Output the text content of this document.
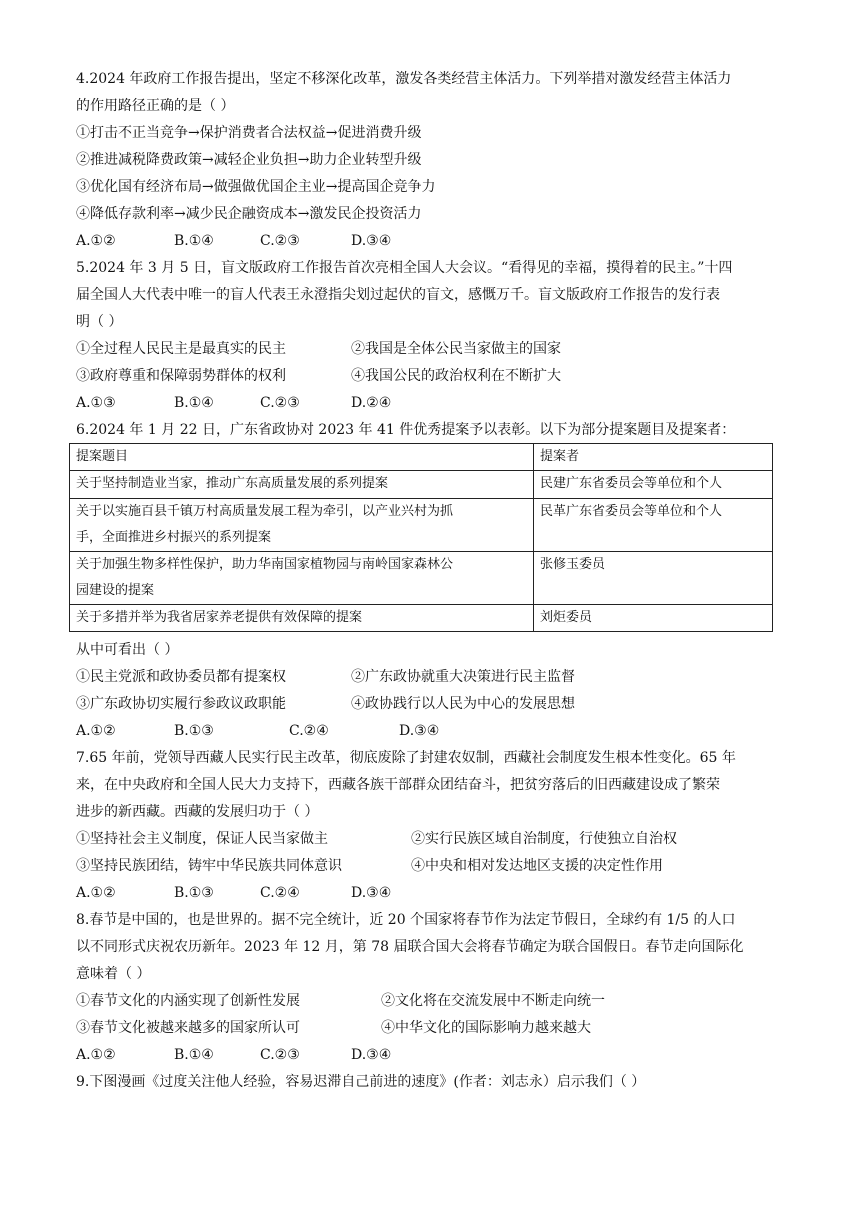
4.2024 年政府工作报告提出，坚定不移深化改革，激发各类经营主体活力。下列举措对激发经营主体活力
的作用路径正确的是（ ）
①打击不正当竞争→保护消费者合法权益→促进消费升级
②推进减税降费政策→减轻企业负担→助力企业转型升级
③优化国有经济布局→做强做优国企主业→提高国企竞争力
④降低存款利率→减少民企融资成本→激发民企投资活力
A.①②	B.①④	C.②③	D.③④
5.2024 年 3 月 5 日，盲文版政府工作报告首次亮相全国人大会议。“看得见的幸福，摸得着的民主。”十四
届全国人大代表中唯一的盲人代表王永澄指尖划过起伏的盲文，感慨万千。盲文版政府工作报告的发行表
明（ ）
①全过程人民民主是最真实的民主	②我国是全体公民当家做主的国家
③政府尊重和保障弱势群体的权利	④我国公民的政治权利在不断扩大
A.①③	B.①④	C.②③	D.②④
6.2024 年 1 月 22 日，广东省政协对 2023 年 41 件优秀提案予以表彰。以下为部分提案题目及提案者：
提案题目	提案者
关于坚持制造业当家，推动广东高质量发展的系列提案	民建广东省委员会等单位和个人

关于以实施百县千镇万村高质量发展工程为牵引，以产业兴村为抓
手，全面推进乡村振兴的系列提案	民革广东省委员会等单位和个人

关于加强生物多样性保护，助力华南国家植物园与南岭国家森林公
园建设的提案	张修玉委员
关于多措并举为我省居家养老提供有效保障的提案	刘炬委员
从中可看出（ ）
①民主党派和政协委员都有提案权	②广东政协就重大决策进行民主监督
③广东政协切实履行参政议政职能	④政协践行以人民为中心的发展思想
A.①②	B.①③	C.②④	D.③④
7.65 年前，党领导西藏人民实行民主改革，彻底废除了封建农奴制，西藏社会制度发生根本性变化。65 年
来，在中央政府和全国人民大力支持下，西藏各族干部群众团结奋斗，把贫穷落后的旧西藏建设成了繁荣
进步的新西藏。西藏的发展归功于（ ）
①坚持社会主义制度，保证人民当家做主	②实行民族区域自治制度，行使独立自治权
③坚持民族团结，铸牢中华民族共同体意识	④中央和相对发达地区支援的决定性作用
A.①②	B.①③	C.②④	D.③④
8.春节是中国的，也是世界的。据不完全统计，近 20 个国家将春节作为法定节假日，全球约有 1/5 的人口
以不同形式庆祝农历新年。2023 年 12 月，第 78 届联合国大会将春节确定为联合国假日。春节走向国际化
意味着（ ）
①春节文化的内涵实现了创新性发展	②文化将在交流发展中不断走向统一
③春节文化被越来越多的国家所认可	④中华文化的国际影响力越来越大
A.①②	B.①④	C.②③	D.③④
9.下图漫画《过度关注他人经验，容易迟滞自己前进的速度》(作者：刘志永）启示我们（ ）
